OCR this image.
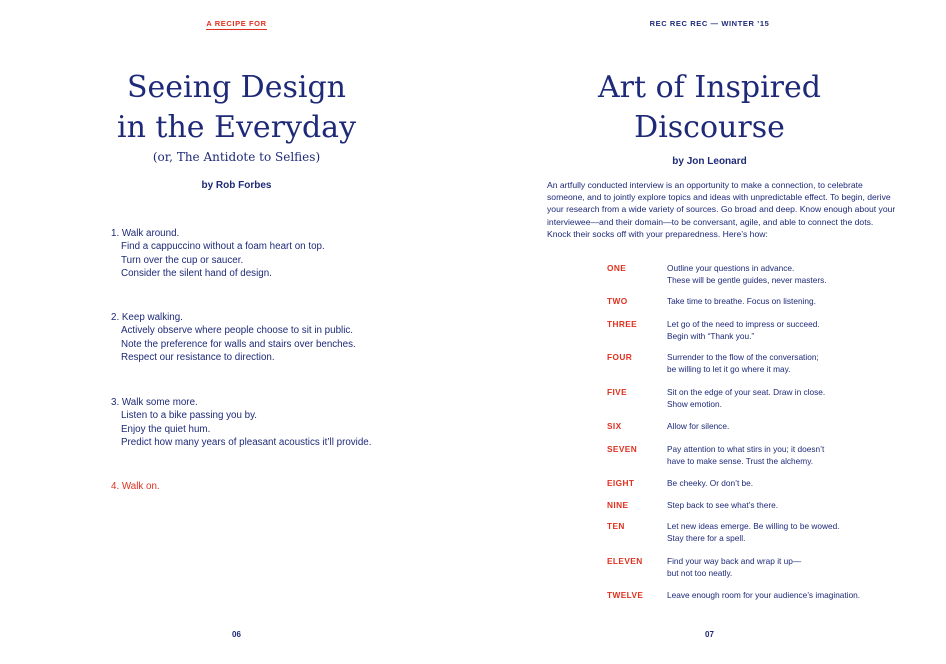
A RECIPE FOR
Seeing Design
in the Everyday
(or, The Antidote to Selfies)
by Rob Forbes
1. Walk around.
Find a cappuccino without a foam heart on top.
Turn over the cup or saucer.
Consider the silent hand of design.
2. Keep walking.
Actively observe where people choose to sit in public.
Note the preference for walls and stairs over benches.
Respect our resistance to direction.
3. Walk some more.
Listen to a bike passing you by.
Enjoy the quiet hum.
Predict how many years of pleasant acoustics it’ll provide.
4. Walk on.
06
REC REC REC — WINTER ’15
Art of Inspired
Discourse
by Jon Leonard

An artfully conducted interview is an opportunity to make a connection, to celebrate someone, and to jointly explore topics and ideas with unpredictable effect. To begin, derive your research from a wide variety of sources. Go broad and deep. Know enough about your interviewee—and their domain—to be conversant, agile, and able to connect the dots. Knock their socks off with your preparedness. Here’s how:

ONE	Outline your questions in advance.
These will be gentle guides, never masters.
TWO	Take time to breathe. Focus on listening.
THREE	Let go of the need to impress or succeed.
Begin with “Thank you.”
FOUR	Surrender to the flow of the conversation;
be willing to let it go where it may.
FIVE	Sit on the edge of your seat. Draw in close.
Show emotion.
SIX	Allow for silence.
SEVEN	Pay attention to what stirs in you; it doesn’t
have to make sense. Trust the alchemy.
EIGHT	Be cheeky. Or don’t be.
NINE	Step back to see what’s there.
TEN	Let new ideas emerge. Be willing to be wowed.
Stay there for a spell.
ELEVEN	Find your way back and wrap it up—
but not too neatly.
TWELVE	Leave enough room for your audience’s imagination.
07
